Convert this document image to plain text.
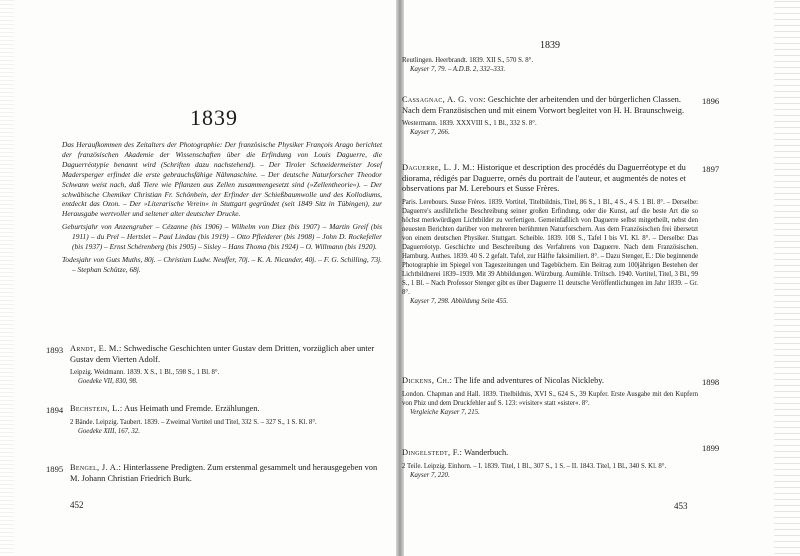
1839

Das Heraufkommen des Zeitalters der Photographie: Der französische Physiker François Arago berichtet der französischen Akademie der Wissenschaften über die Erfindung von Louis Daguerre, die Daguerréotypie benannt wird (Schriften dazu nachstehend). – Der Tiroler Schneidermeister Josef Madersperger erfindet die erste gebrauchsfähige Nähmaschine. – Der deutsche Naturforscher Theodor Schwann weist nach, daß Tiere wie Pflanzen aus Zellen zusammengesetzt sind (»Zellentheorie«). – Der schwäbische Chemiker Christian Fr. Schönbein, der Erfinder der Schießbaumwolle und des Kollodiums, entdeckt das Ozon. – Der »Literarische Verein« in Stuttgart gegründet (seit 1849 Sitz in Tübingen), zur Herausgabe wertvoller und seltener alter deutscher Drucke.

Geburtsjahr von Anzengruber – Cézanne (bis 1906) – Wilhelm von Diez (bis 1907) – Martin Greif (bis 1911) – du Prel – Hertslet – Paul Lindau (bis 1919) – Otto Pfleiderer (bis 1908) – John D. Rockefeller (bis 1937) – Ernst Schérenberg (bis 1905) – Sisley – Hans Thoma (bis 1924) – O. Willmann (bis 1920).

Todesjahr von Guts Muths, 80j. – Christian Ludw. Neuffer, 70j. – K. A. Nicander, 40j. – F. G. Schilling, 73j. – Stephan Schütze, 68j.

1893 Arndt, E. M.: Schwedische Geschichten unter Gustav dem Dritten, vorzüglich aber unter Gustav dem Vierten Adolf.
Leipzig. Weidmann. 1839. X S., 1 Bl., 598 S., 1 Bl. 8°.
Goedeke VII, 830, 98.
1894 Bechstein, L.: Aus Heimath und Fremde. Erzählungen.
2 Bände. Leipzig. Taubert. 1839. – Zweimal Vortitel und Titel, 332 S. – 327 S., 1 S. Kl. 8°.
Goedeke XIII, 167, 32.
1895 Bengel, J. A.: Hinterlassene Predigten. Zum erstenmal gesammelt und herausgegeben von M. Johann Christian Friedrich Burk.
452
1839
Reutlingen. Heerbrandt. 1839. XII S., 570 S. 8°.
Kayser 7, 79. – A.D.B. 2, 332–333.
Cassagnac, A. G. von: Geschichte der arbeitenden und der bürgerlichen Classen. Nach dem Französischen und mit einem Vorwort begleitet von H. H. Braunschweig.
Westermann. 1839. XXXVIII S., 1 Bl., 332 S. 8°.
Kayser 7, 266.
1896
Daguerre, L. J. M.: Historique et description des procédés du Daguerréotype et du diorama, rédigés par Daguerre, ornés du portrait de l'auteur, et augmentés de notes et observations par M. Lerebours et Susse Frères.
Paris. Lerebours. Susse Frères. 1839. Vortitel, Titelbildnis, Titel, 86 S., 1 Bl., 4 S., 4 S. 1 Bl. 8°. – Derselbe: Daguerre's ausführliche Beschreibung seiner großen Erfindung, oder die Kunst, auf die beste Art die so höchst merkwürdigen Lichtbilder zu verfertigen. Gemeinfaßlich von Daguerre selbst mitgetheilt, nebst den neuesten Berichten darüber von mehreren berühmten Naturforschern. Aus dem Französischen frei übersetzt von einem deutschen Physiker. Stuttgart. Scheible. 1839. 108 S., Tafel I bis VI. Kl. 8°. – Derselbe: Das Daguerréotyp. Geschichte und Beschreibung des Verfahrens von Daguerre. Nach dem Französischen. Hamburg. Authes. 1839. 40 S. 2 gefalt. Tafel, zur Hälfte faksimiliert. 8°. – Dazu Stenger, E.: Die beginnende Photographie im Spiegel von Tageszeitungen und Tagebüchern. Ein Beitrag zum 100jährigen Bestehen der Lichtbildnerei 1839–1939. Mit 39 Abbildungen. Würzburg. Aumühle. Triltsch. 1940. Vortitel, Titel, 3 Bl., 99 S., 1 Bl. – Nach Professor Stenger gibt es über Daguerre 11 deutsche Veröffentlichungen im Jahr 1839. – Gr. 8°.
Kayser 7, 298. Abbildung Seite 455.
1897
Dickens, Ch.: The life and adventures of Nicolas Nickleby.
London. Chapman and Hall. 1839. Titelbildnis, XVI S., 624 S., 39 Kupfer. Erste Ausgabe mit den Kupfern von Phiz und dem Druckfehler auf S. 123: »visiter« statt »sister«. 8°.
Vergleiche Kayser 7, 215.
1898
Dingelstedt, F.: Wanderbuch.
2 Teile. Leipzig. Einhorn. – I. 1839. Titel, 1 Bl., 307 S., 1 S. – II. 1843. Titel, 1 Bl., 340 S. Kl. 8°.
Kayser 7, 220.
1899
453
